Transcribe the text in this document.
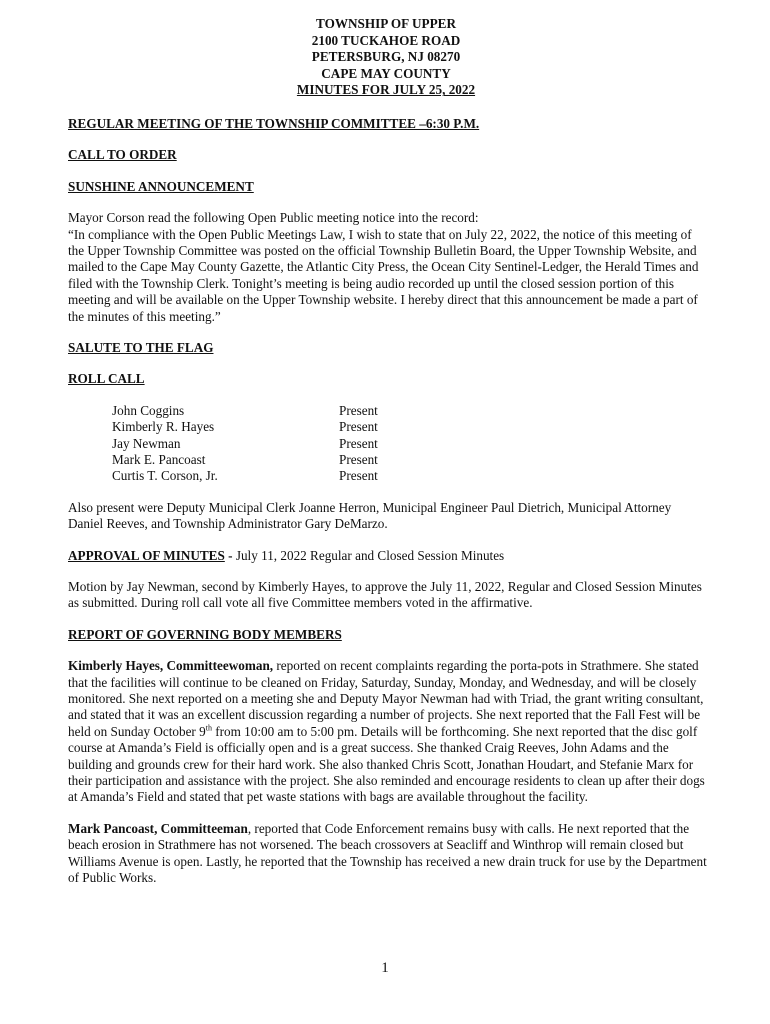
TOWNSHIP OF UPPER
2100 TUCKAHOE ROAD
PETERSBURG, NJ 08270
CAPE MAY COUNTY
MINUTES FOR JULY 25, 2022

REGULAR MEETING OF THE TOWNSHIP COMMITTEE –6:30 P.M.

CALL TO ORDER

SUNSHINE ANNOUNCEMENT

Mayor Corson read the following Open Public meeting notice into the record:

“In compliance with the Open Public Meetings Law, I wish to state that on July 22, 2022, the notice of this meeting of the Upper Township Committee was posted on the official Township Bulletin Board, the Upper Township Website, and mailed to the Cape May County Gazette, the Atlantic City Press, the Ocean City Sentinel-Ledger, the Herald Times and filed with the Township Clerk. Tonight’s meeting is being audio recorded up until the closed session portion of this meeting and will be available on the Upper Township website. I hereby direct that this announcement be made a part of the minutes of this meeting.”

SALUTE TO THE FLAG

ROLL CALL

John Coggins	Present
Kimberly R. Hayes	Present
Jay Newman	Present
Mark E. Pancoast	Present
Curtis T. Corson, Jr.	Present

Also present were Deputy Municipal Clerk Joanne Herron, Municipal Engineer Paul Dietrich, Municipal Attorney Daniel Reeves, and Township Administrator Gary DeMarzo.

APPROVAL OF MINUTES - July 11, 2022 Regular and Closed Session Minutes

Motion by Jay Newman, second by Kimberly Hayes, to approve the July 11, 2022, Regular and Closed Session Minutes as submitted. During roll call vote all five Committee members voted in the affirmative.

REPORT OF GOVERNING BODY MEMBERS

Kimberly Hayes, Committeewoman, reported on recent complaints regarding the porta-pots in Strathmere. She stated that the facilities will continue to be cleaned on Friday, Saturday, Sunday, Monday, and Wednesday, and will be closely monitored. She next reported on a meeting she and Deputy Mayor Newman had with Triad, the grant writing consultant, and stated that it was an excellent discussion regarding a number of projects. She next reported that the Fall Fest will be held on Sunday October 9th from 10:00 am to 5:00 pm. Details will be forthcoming. She next reported that the disc golf course at Amanda’s Field is officially open and is a great success. She thanked Craig Reeves, John Adams and the building and grounds crew for their hard work. She also thanked Chris Scott, Jonathan Houdart, and Stefanie Marx for their participation and assistance with the project. She also reminded and encourage residents to clean up after their dogs at Amanda’s Field and stated that pet waste stations with bags are available throughout the facility.

Mark Pancoast, Committeeman, reported that Code Enforcement remains busy with calls. He next reported that the beach erosion in Strathmere has not worsened. The beach crossovers at Seacliff and Winthrop will remain closed but Williams Avenue is open. Lastly, he reported that the Township has received a new drain truck for use by the Department of Public Works.

1
